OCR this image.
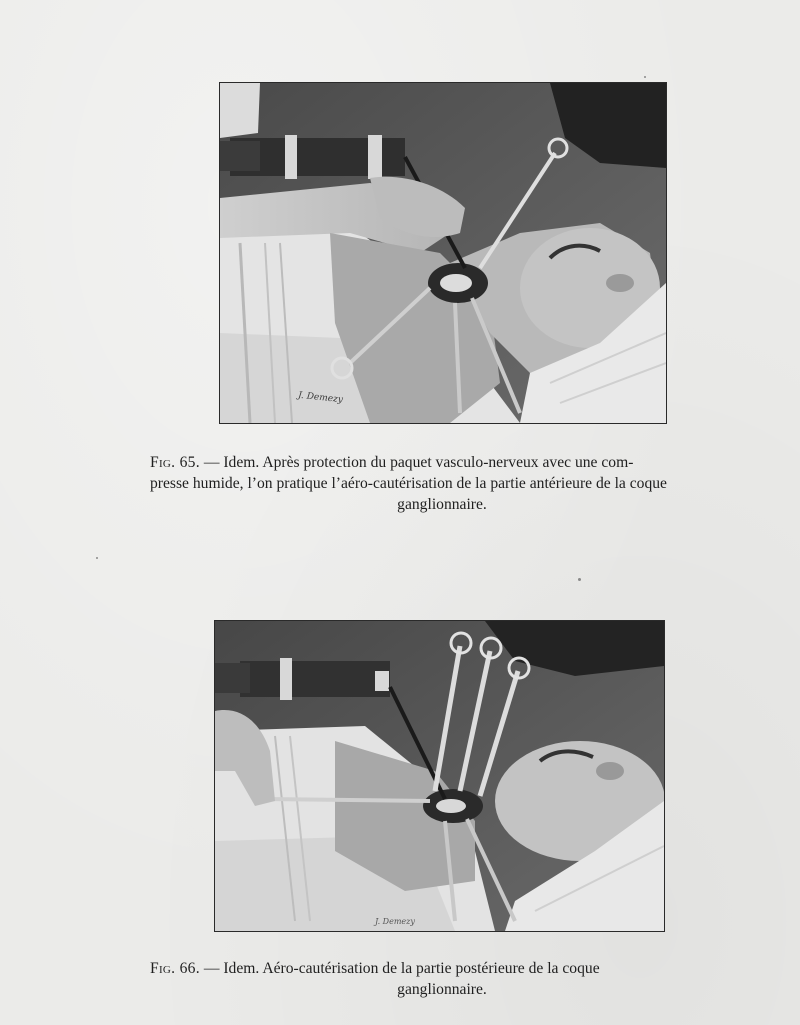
J. Demezy
Fig. 65. — Idem. Après protection du paquet vasculo-nerveux avec une com-
presse humide, l’on pratique l’aéro-cautérisation de la partie antérieure de la coque
ganglionnaire.
J. Demezy
Fig. 66. — Idem. Aéro-cautérisation de la partie postérieure de la coque
ganglionnaire.
